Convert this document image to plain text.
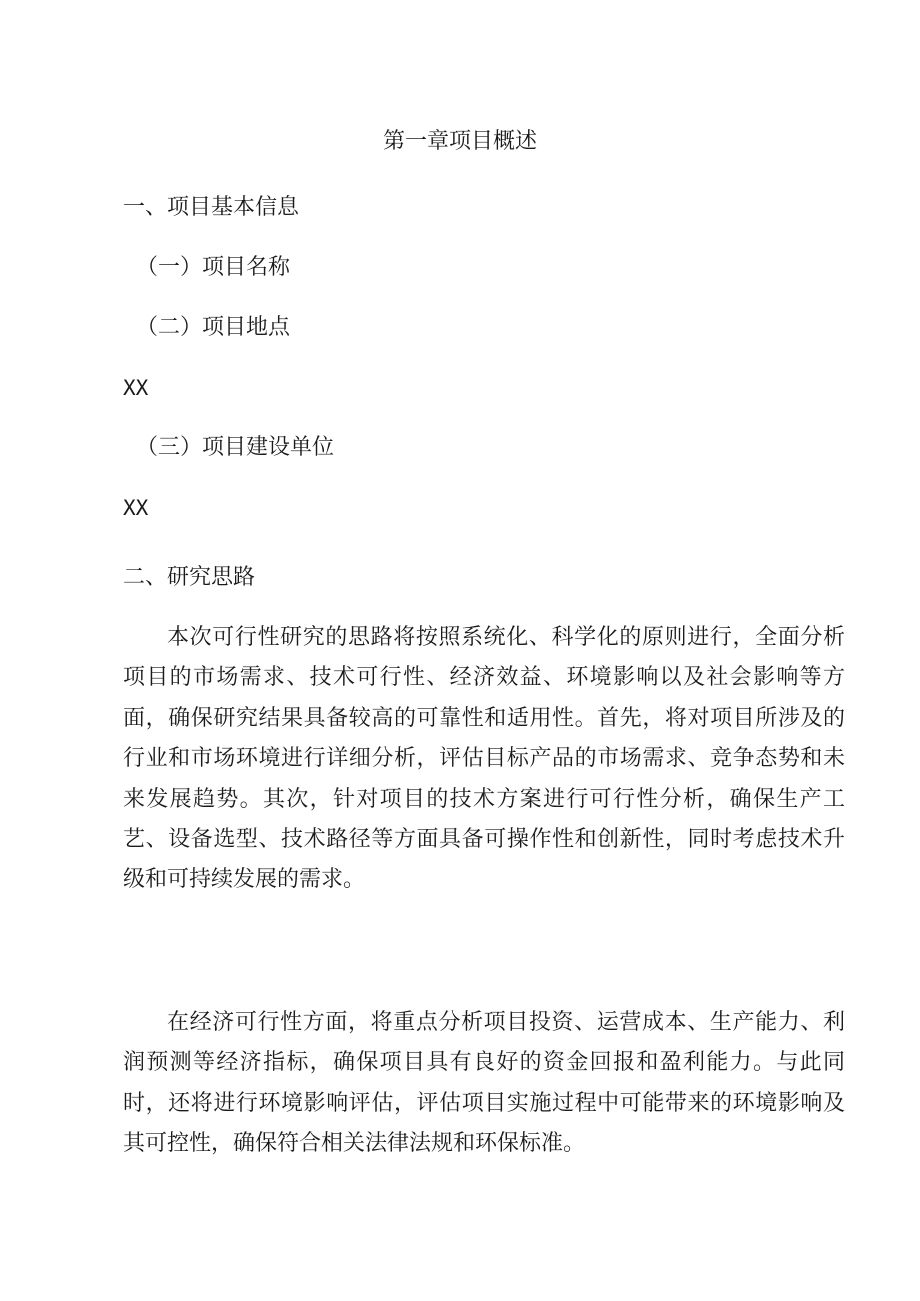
第一章项目概述
一、项目基本信息
（一）项目名称
（二）项目地点
XX
（三）项目建设单位
XX
二、研究思路

本次可行性研究的思路将按照系统化、科学化的原则进行，全面分析项目的市场需求、技术可行性、经济效益、环境影响以及社会影响等方面，确保研究结果具备较高的可靠性和适用性。首先，将对项目所涉及的行业和市场环境进行详细分析，评估目标产品的市场需求、竞争态势和未来发展趋势。其次，针对项目的技术方案进行可行性分析，确保生产工艺、设备选型、技术路径等方面具备可操作性和创新性，同时考虑技术升级和可持续发展的需求。

在经济可行性方面，将重点分析项目投资、运营成本、生产能力、利润预测等经济指标，确保项目具有良好的资金回报和盈利能力。与此同时，还将进行环境影响评估，评估项目实施过程中可能带来的环境影响及其可控性，确保符合相关法律法规和环保标准。
